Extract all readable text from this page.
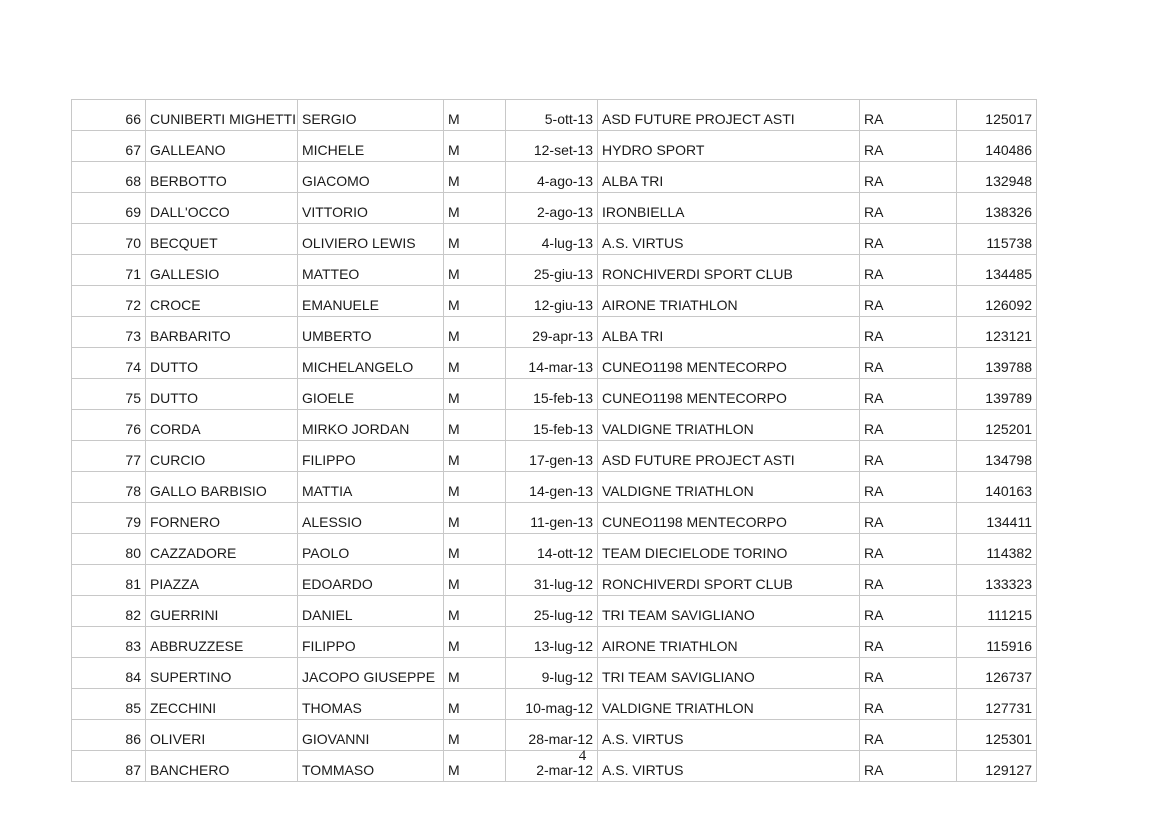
66	CUNIBERTI MIGHETTI	SERGIO	M	5-ott-13	ASD FUTURE PROJECT ASTI	RA	125017
67	GALLEANO	MICHELE	M	12-set-13	HYDRO SPORT	RA	140486
68	BERBOTTO	GIACOMO	M	4-ago-13	ALBA TRI	RA	132948
69	DALL'OCCO	VITTORIO	M	2-ago-13	IRONBIELLA	RA	138326
70	BECQUET	OLIVIERO LEWIS	M	4-lug-13	A.S. VIRTUS	RA	115738
71	GALLESIO	MATTEO	M	25-giu-13	RONCHIVERDI SPORT CLUB	RA	134485
72	CROCE	EMANUELE	M	12-giu-13	AIRONE TRIATHLON	RA	126092
73	BARBARITO	UMBERTO	M	29-apr-13	ALBA TRI	RA	123121
74	DUTTO	MICHELANGELO	M	14-mar-13	CUNEO1198 MENTECORPO	RA	139788
75	DUTTO	GIOELE	M	15-feb-13	CUNEO1198 MENTECORPO	RA	139789
76	CORDA	MIRKO JORDAN	M	15-feb-13	VALDIGNE TRIATHLON	RA	125201
77	CURCIO	FILIPPO	M	17-gen-13	ASD FUTURE PROJECT ASTI	RA	134798
78	GALLO BARBISIO	MATTIA	M	14-gen-13	VALDIGNE TRIATHLON	RA	140163
79	FORNERO	ALESSIO	M	11-gen-13	CUNEO1198 MENTECORPO	RA	134411
80	CAZZADORE	PAOLO	M	14-ott-12	TEAM DIECIELODE TORINO	RA	114382
81	PIAZZA	EDOARDO	M	31-lug-12	RONCHIVERDI SPORT CLUB	RA	133323
82	GUERRINI	DANIEL	M	25-lug-12	TRI TEAM SAVIGLIANO	RA	111215
83	ABBRUZZESE	FILIPPO	M	13-lug-12	AIRONE TRIATHLON	RA	115916
84	SUPERTINO	JACOPO GIUSEPPE	M	9-lug-12	TRI TEAM SAVIGLIANO	RA	126737
85	ZECCHINI	THOMAS	M	10-mag-12	VALDIGNE TRIATHLON	RA	127731
86	OLIVERI	GIOVANNI	M	28-mar-12	A.S. VIRTUS	RA	125301
87	BANCHERO	TOMMASO	M	2-mar-12	A.S. VIRTUS	RA	129127
4
